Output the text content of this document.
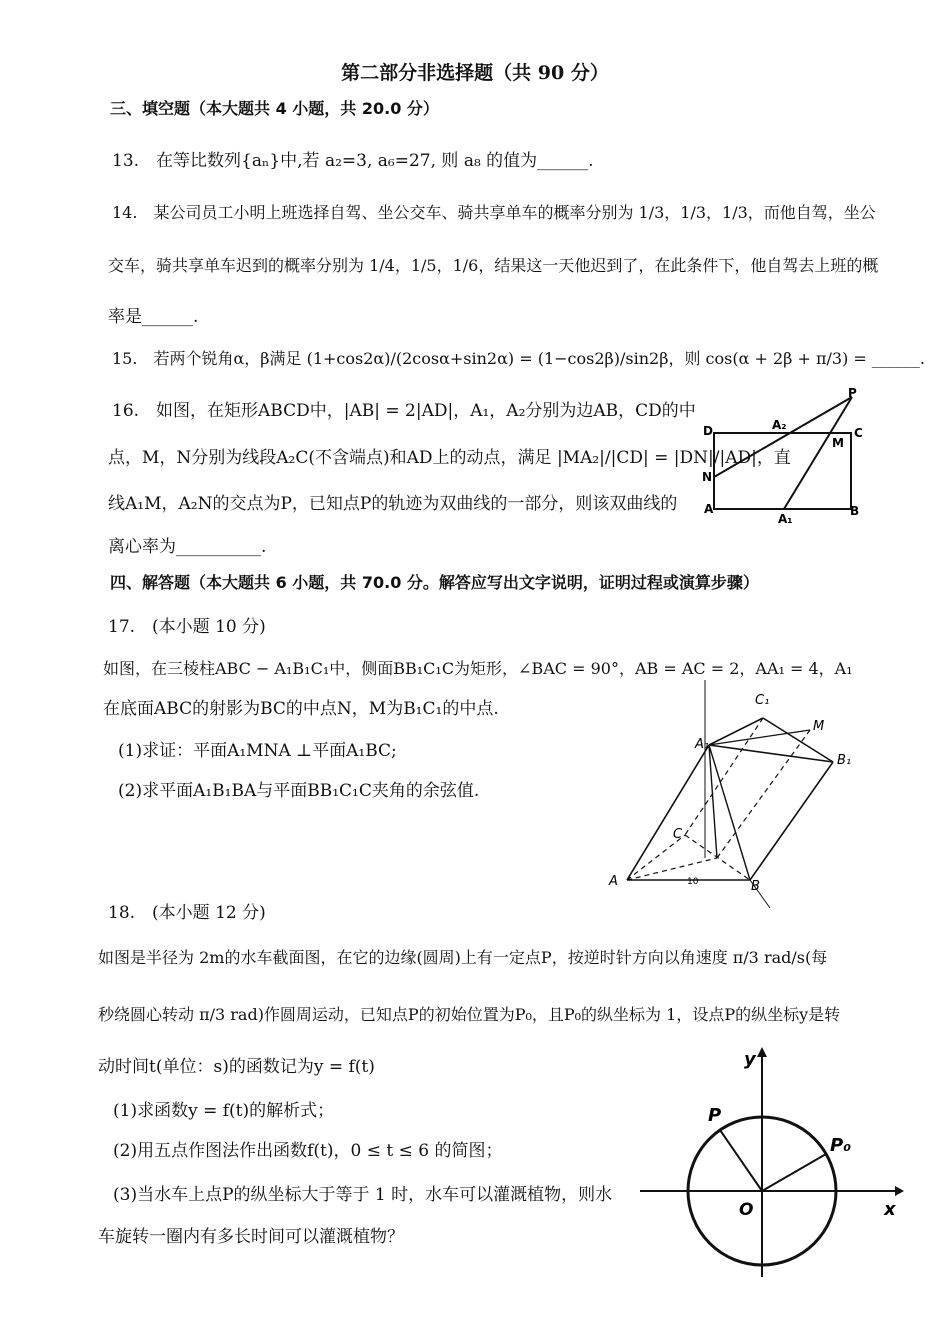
第二部分非选择题（共 90 分）
三、填空题（本大题共 4 小题，共 20.0 分）
13.　在等比数列{aₙ}中,若 a₂=3, a₆=27, 则 a₈ 的值为______.
14.　某公司员工小明上班选择自驾、坐公交车、骑共享单车的概率分别为 1/3，1/3，1/3，而他自驾，坐公
交车，骑共享单车迟到的概率分别为 1/4，1/5，1/6，结果这一天他迟到了，在此条件下，他自驾去上班的概
率是______.
15.　若两个锐角α，β满足 (1+cos2α)/(2cosα+sin2α) = (1−cos2β)/sin2β，则 cos(α + 2β + π/3) = ______.
16.　如图，在矩形ABCD中，|AB| = 2|AD|，A₁，A₂分别为边AB，CD的中
点，M，N分别为线段A₂C(不含端点)和AD上的动点，满足 |MA₂|/|CD| = |DN|/|AD|，直
线A₁M，A₂N的交点为P，已知点P的轨迹为双曲线的一部分，则该双曲线的
离心率为__________.
P
D	A₂
M
C
N
A
A₁
B
四、解答题（本大题共 6 小题，共 70.0 分。解答应写出文字说明，证明过程或演算步骤）
17.　(本小题 10 分)
如图，在三棱柱ABC − A₁B₁C₁中，侧面BB₁C₁C为矩形，∠BAC = 90°，AB = AC = 2，AA₁ = 4，A₁
在底面ABC的射影为BC的中点N，M为B₁C₁的中点.
(1)求证：平面A₁MNA ⊥平面A₁BC;
(2)求平面A₁B₁BA与平面BB₁C₁C夹角的余弦值.
C₁
M
A₁
B₁
C
A	B
10
18.　(本小题 12 分)
如图是半径为 2m的水车截面图，在它的边缘(圆周)上有一定点P，按逆时针方向以角速度 π/3 rad/s(每
秒绕圆心转动 π/3 rad)作圆周运动，已知点P的初始位置为P₀，且P₀的纵坐标为 1，设点P的纵坐标y是转
动时间t(单位：s)的函数记为y = f(t)
(1)求函数y = f(t)的解析式；
(2)用五点作图法作出函数f(t)，0 ≤ t ≤ 6 的简图；
(3)当水车上点P的纵坐标大于等于 1 时，水车可以灌溉植物，则水
车旋转一圈内有多长时间可以灌溉植物？
y
x
O
P
P₀
